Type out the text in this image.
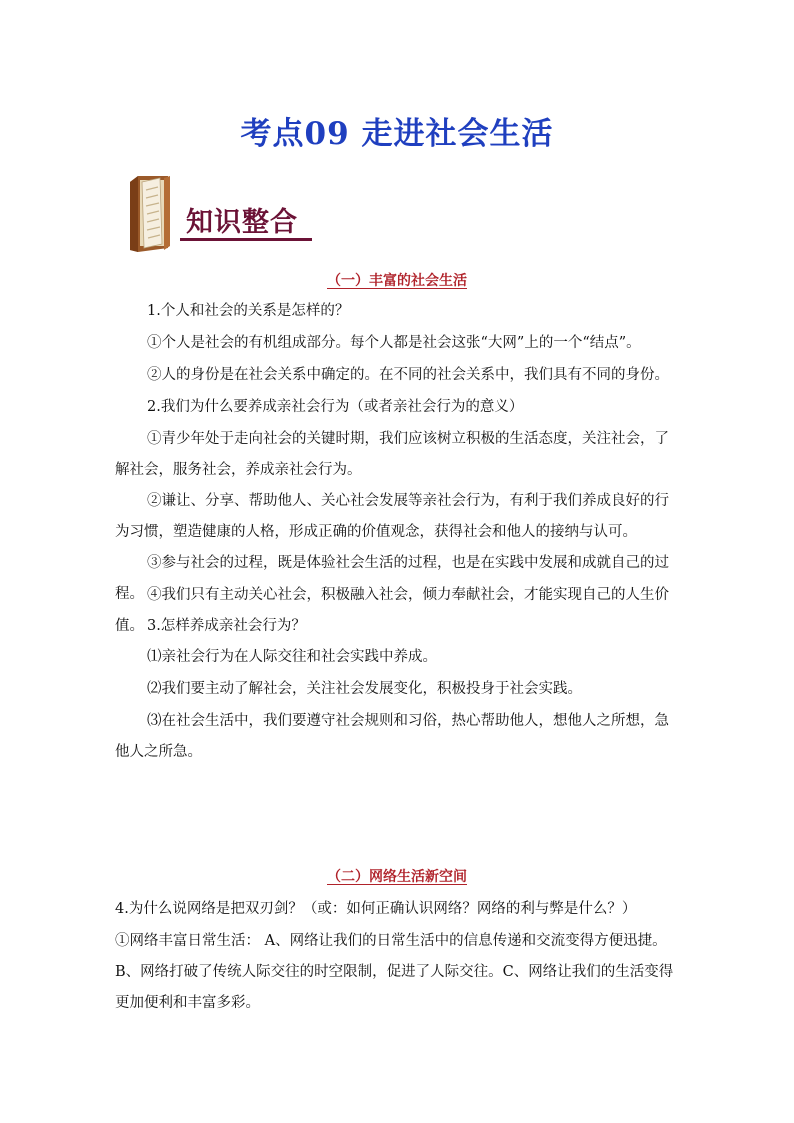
考点09 走进社会生活
知识整合
（一）丰富的社会生活

1.个人和社会的关系是怎样的？

①个人是社会的有机组成部分。每个人都是社会这张“大网”上的一个“结点”。

②人的身份是在社会关系中确定的。在不同的社会关系中，我们具有不同的身份。

2.我们为什么要养成亲社会行为（或者亲社会行为的意义）

①青少年处于走向社会的关键时期，我们应该树立积极的生活态度，关注社会，了解社会，服务社会，养成亲社会行为。

②谦让、分享、帮助他人、关心社会发展等亲社会行为，有利于我们养成良好的行为习惯，塑造健康的人格，形成正确的价值观念，获得社会和他人的接纳与认可。

③参与社会的过程，既是体验社会生活的过程，也是在实践中发展和成就自己的过程。 ④我们只有主动关心社会，积极融入社会，倾力奉献社会，才能实现自己的人生价值。 3.怎样养成亲社会行为？

⑴亲社会行为在人际交往和社会实践中养成。

⑵我们要主动了解社会，关注社会发展变化，积极投身于社会实践。

⑶在社会生活中，我们要遵守社会规则和习俗，热心帮助他人，想他人之所想，急他人之所急。

（二）网络生活新空间

4.为什么说网络是把双刃剑？（或：如何正确认识网络？网络的利与弊是什么？）

①网络丰富日常生活： A、网络让我们的日常生活中的信息传递和交流变得方便迅捷。B、网络打破了传统人际交往的时空限制，促进了人际交往。C、网络让我们的生活变得更加便利和丰富多彩。
